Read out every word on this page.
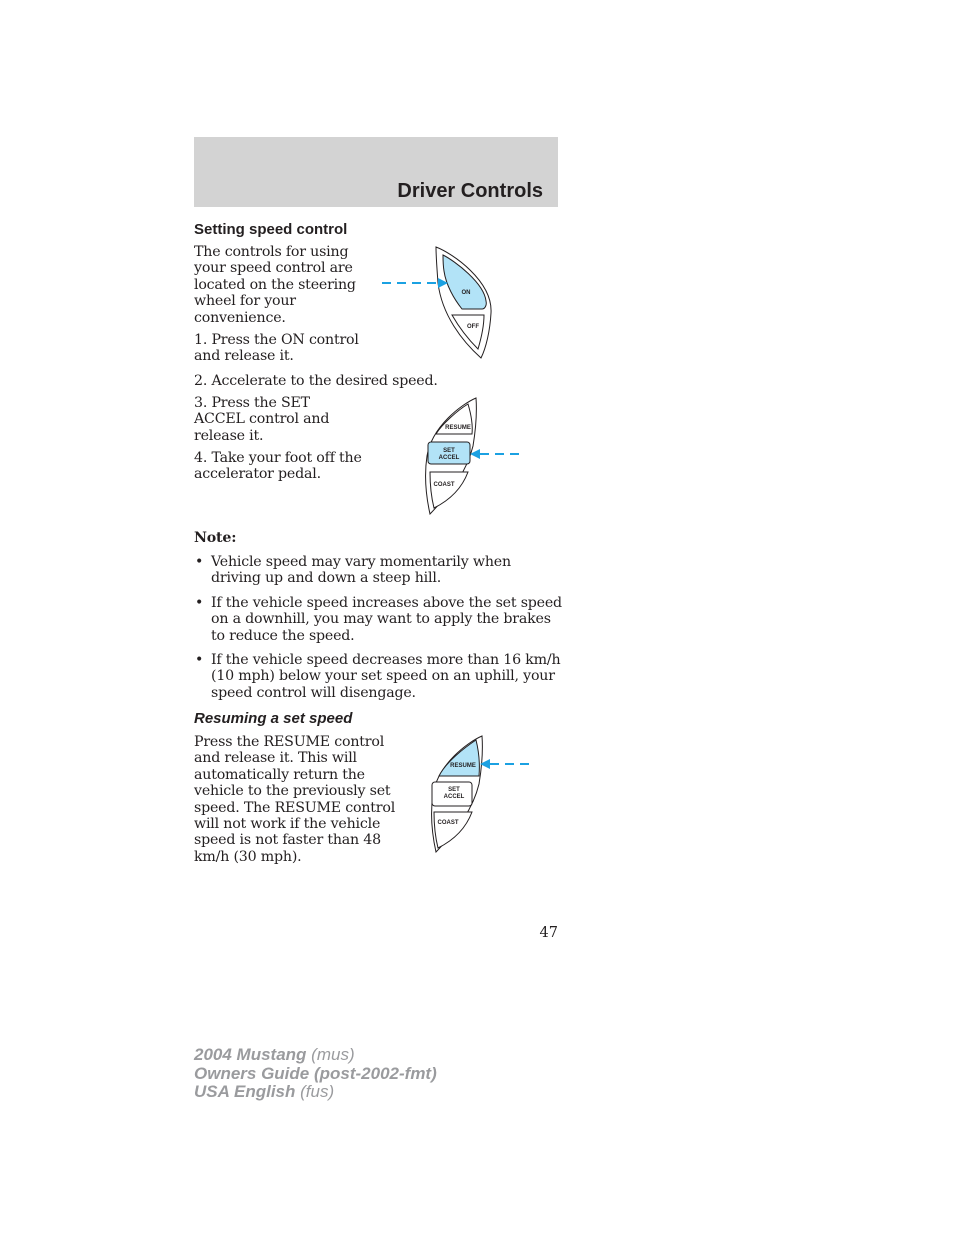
Driver Controls
Setting speed control

The controls for using your speed control are located on the steering wheel for your convenience.

1. Press the ON control and release it.

2. Accelerate to the desired speed.

3. Press the SET ACCEL control and release it.

4. Take your foot off the accelerator pedal.

ON
OFF
RESUME
SET
ACCEL
COAST
Note:
• Vehicle speed may vary momentarily when driving up and down a steep hill.
• If the vehicle speed increases above the set speed on a downhill, you may want to apply the brakes to reduce the speed.
• If the vehicle speed decreases more than 16 km/h (10 mph) below your set speed on an uphill, your speed control will disengage.
Resuming a set speed

Press the RESUME control and release it. This will automatically return the vehicle to the previously set speed. The RESUME control will not work if the vehicle speed is not faster than 48 km/h (30 mph).

RESUME
SET
ACCEL
COAST
47
2004 Mustang (mus)
Owners Guide (post-2002-fmt)
USA English (fus)
